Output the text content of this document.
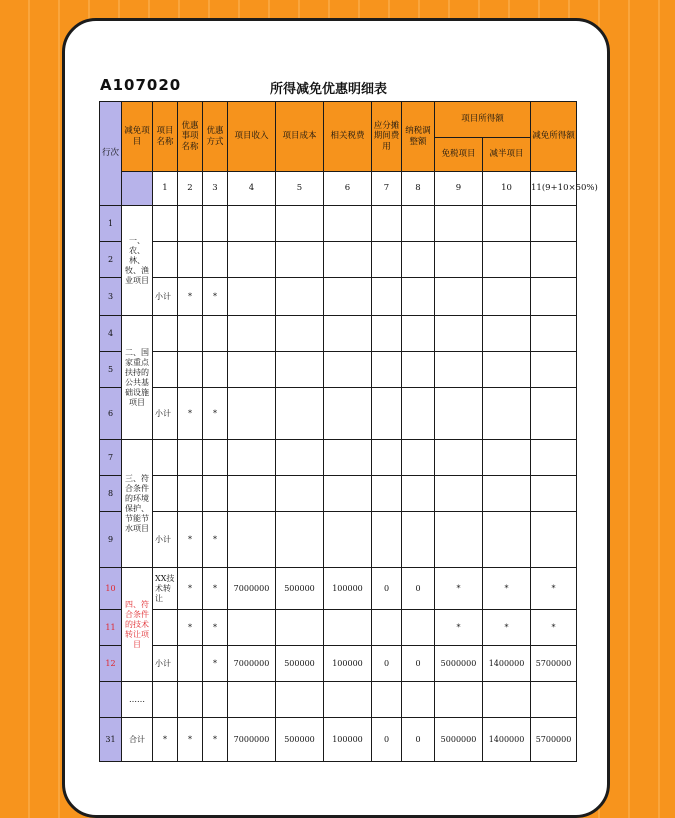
A107020	所得减免优惠明细表
行次	减免项目	项目名称	优惠事项名称	优惠方式	项目收入	项目成本	相关税费	应分摊期间费用	纳税调整额	项目所得额		减免所得额
										免税项目	减半项目	
		1	2	3	4	5	6	7	8	9	10	11(9+10×50%)
1	一、农、林、牧、渔业项目											
2												
3		小计	*	*								
4	二、国家重点扶持的公共基础设施项目											
5												
6		小计	*	*								
7	三、符合条件的环境保护、节能节水项目											
8												
9		小计	*	*								
10	四、符合条件的技术转让项目	XX技术转让	*	*	7000000	500000	100000	0	0	*	*	*
11			*	*						*	*	*
12		小计		*	7000000	500000	100000	0	0	5000000	1400000	5700000
	……											
31	合计	*	*	*	7000000	500000	100000	0	0	5000000	1400000	5700000
